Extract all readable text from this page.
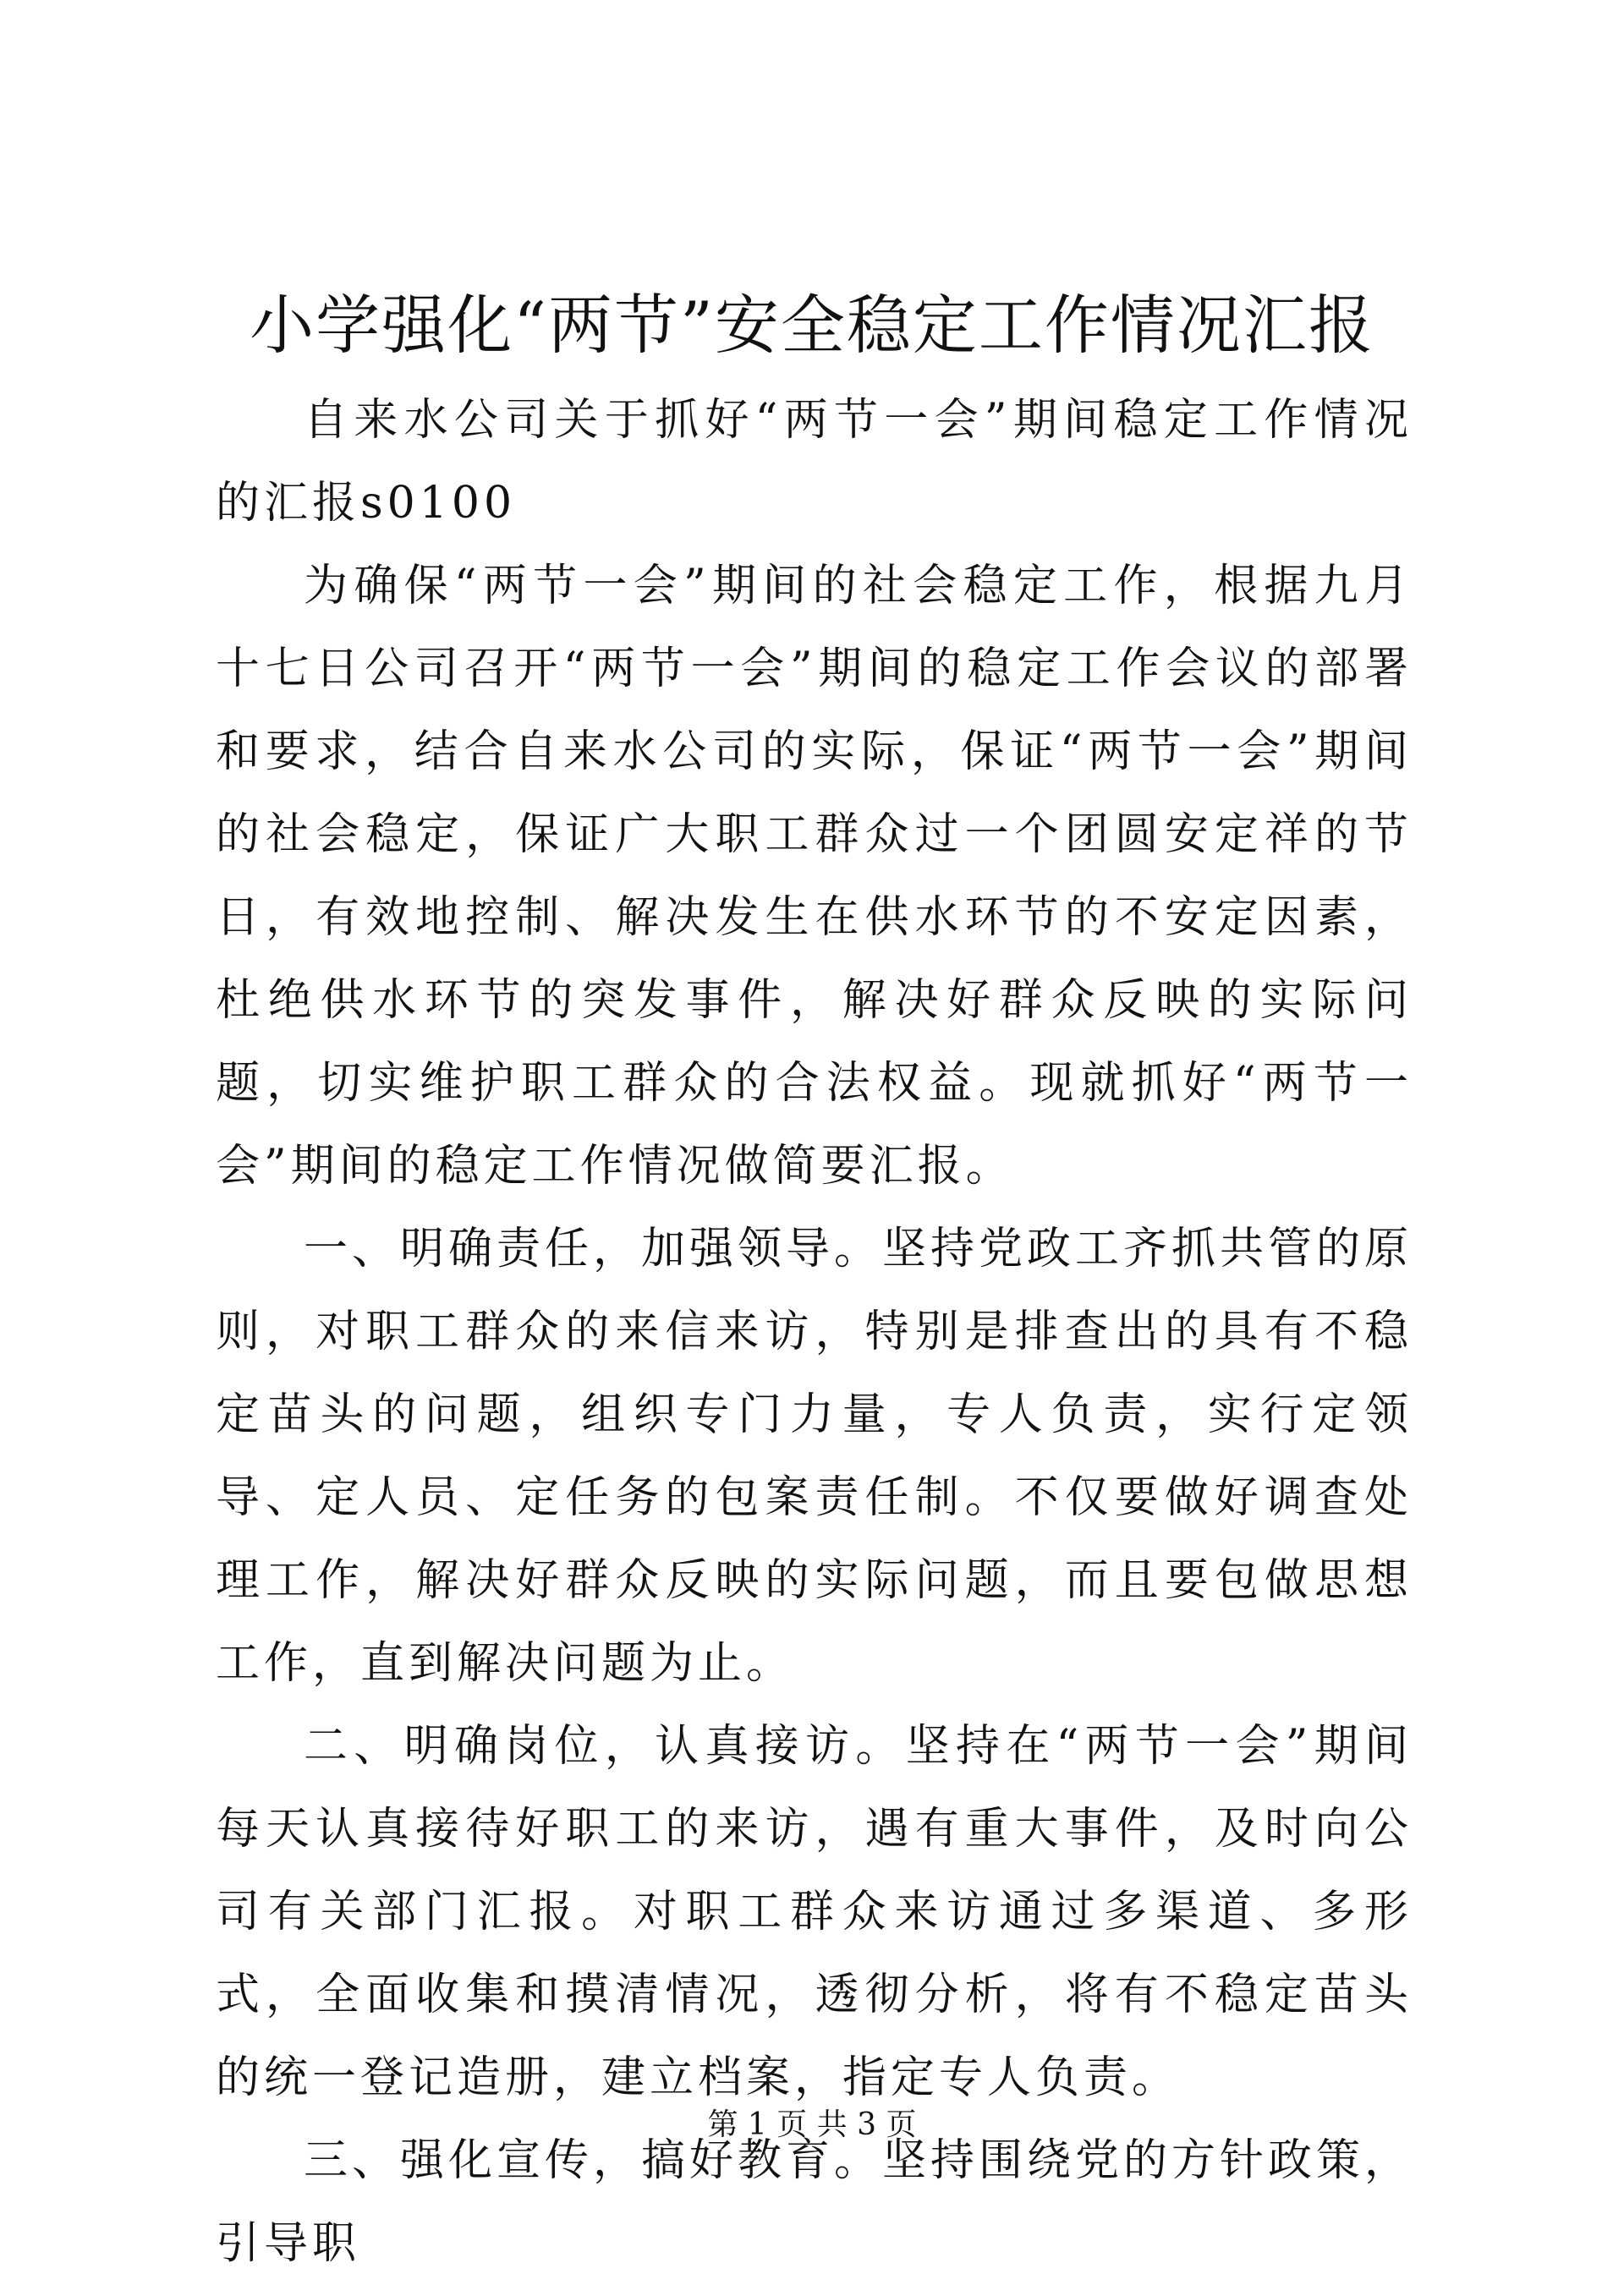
小学强化“两节”安全稳定工作情况汇报

自来水公司关于抓好“两节一会”期间稳定工作情况的汇报s0100

为确保“两节一会”期间的社会稳定工作，根据九月十七日公司召开“两节一会”期间的稳定工作会议的部署和要求，结合自来水公司的实际，保证“两节一会”期间的社会稳定，保证广大职工群众过一个团圆安定祥的节日，有效地控制、解决发生在供水环节的不安定因素，杜绝供水环节的突发事件，解决好群众反映的实际问题，切实维护职工群众的合法权益。现就抓好“两节一会”期间的稳定工作情况做简要汇报。

一、明确责任，加强领导。坚持党政工齐抓共管的原则，对职工群众的来信来访，特别是排查出的具有不稳定苗头的问题，组织专门力量，专人负责，实行定领导、定人员、定任务的包案责任制。不仅要做好调查处理工作，解决好群众反映的实际问题，而且要包做思想工作，直到解决问题为止。

二、明确岗位，认真接访。坚持在“两节一会”期间每天认真接待好职工的来访，遇有重大事件，及时向公司有关部门汇报。对职工群众来访通过多渠道、多形式，全面收集和摸清情况，透彻分析，将有不稳定苗头的统一登记造册，建立档案，指定专人负责。

三、强化宣传，搞好教育。坚持围绕党的方针政策，引导职

第 1 页 共 3 页
